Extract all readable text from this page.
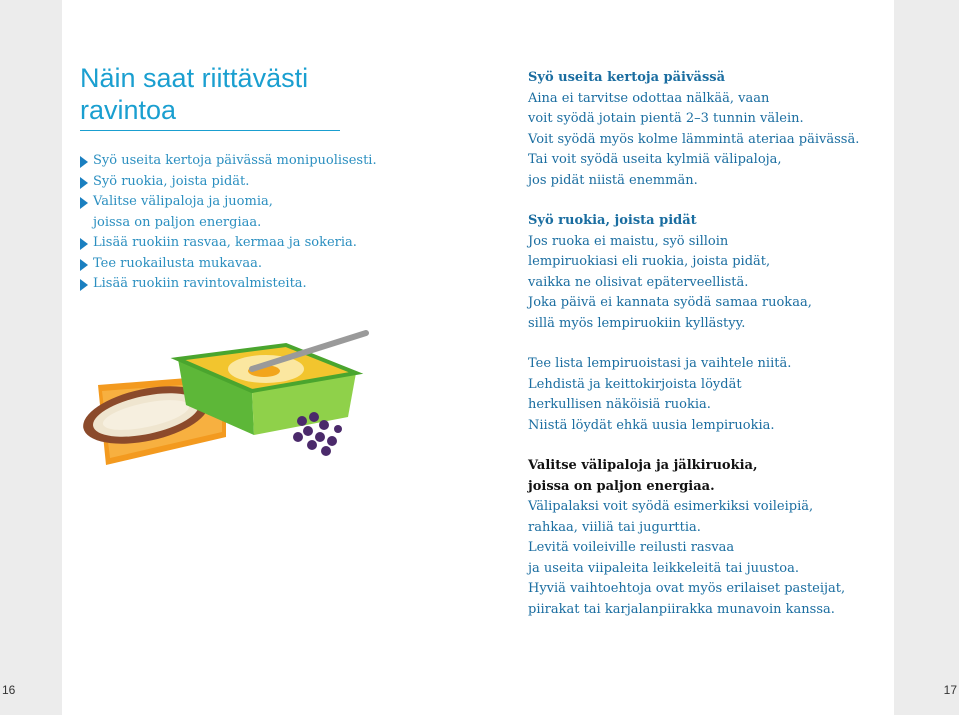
Näin saat riittävästi ravintoa
Syö useita kertoja päivässä monipuolisesti.
Syö ruokia, joista pidät.
Valitse välipaloja ja juomia,
joissa on paljon energiaa.
Lisää ruokiin rasvaa, kermaa ja sokeria.
Tee ruokailusta mukavaa.
Lisää ruokiin ravintovalmisteita.
Syö useita kertoja päivässä
Aina ei tarvitse odottaa nälkää, vaan
voit syödä jotain pientä 2–3 tunnin välein.
Voit syödä myös kolme lämmintä ateriaa päivässä.
Tai voit syödä useita kylmiä välipaloja,
jos pidät niistä enemmän.
Syö ruokia, joista pidät
Jos ruoka ei maistu, syö silloin
lempiruokiasi eli ruokia, joista pidät,
vaikka ne olisivat epäterveellistä.
Joka päivä ei kannata syödä samaa ruokaa,
sillä myös lempiruokiin kyllästyy.
Tee lista lempiruoistasi ja vaihtele niitä.
Lehdistä ja keittokirjoista löydät
herkullisen näköisiä ruokia.
Niistä löydät ehkä uusia lempiruokia.
Valitse välipaloja ja jälkiruokia,
joissa on paljon energiaa.
Välipalaksi voit syödä esimerkiksi voileipiä,
rahkaa, viiliä tai jugurttia.
Levitä voileiville reilusti rasvaa
ja useita viipaleita leikkeleitä tai juustoa.
Hyviä vaihtoehtoja ovat myös erilaiset pasteijat,
piirakat tai karjalanpiirakka munavoin kanssa.
16	17
